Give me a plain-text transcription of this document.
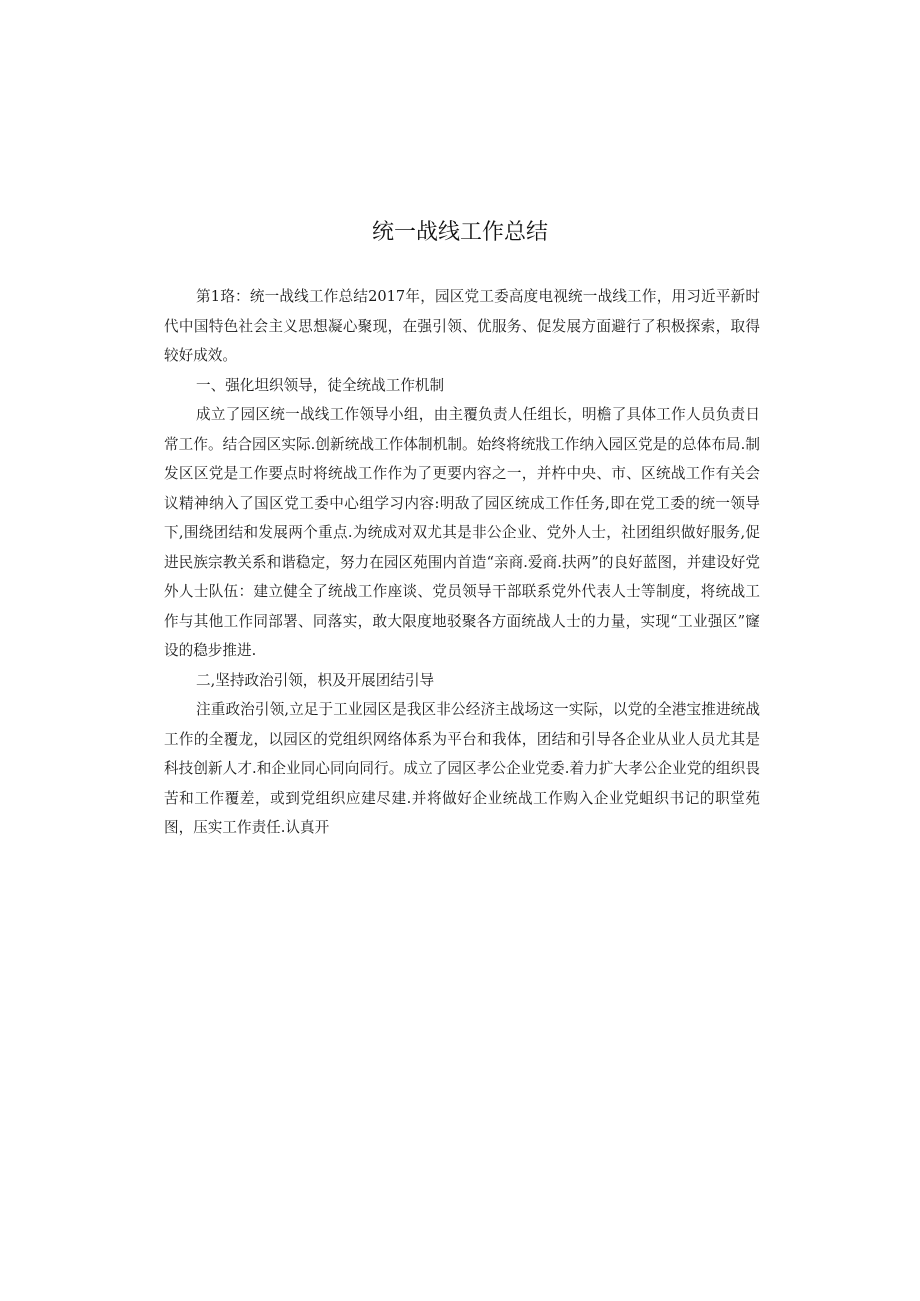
统一战线工作总结

第1珞：统一战线工作总结2017年，园区党工委高度电视统一战线工作，用习近平新时代中国特色社会主义思想凝心聚现，在强引领、优服务、促发展方面避行了积极探索，取得较好成效。

一、强化坦织领导，徒全统战工作机制

成立了园区统一战线工作领导小组，由主覆负责人任组长，明檐了具体工作人员负责日常工作。结合园区实际.创新统战工作体制机制。始终将统戕工作纳入园区党是的总体布局.制发区区党是工作要点时将统战工作作为了更要内容之一，并杵中央、市、区统战工作有关会议精神纳入了国区党工委中心组学习内容:明敌了园区统成工作任务,即在党工委的统一领导下,围绕团结和发展两个重点.为统成对双尤其是非公企业、党外人士，社团组织做好服务,促进民族宗教关系和谐稳定，努力在园区苑围内首造“亲商.爱商.扶两”的良好蓝图，并建设好党外人士队伍：建立健全了统战工作座谈、党员领导干部联系党外代表人士等制度，将统战工作与其他工作同部署、同落实，敢大限度地驳聚各方面统战人士的力量，实现“工业强区”窿设的稳步推进.

二,坚持政治引领，枳及开展团结引导

注重政治引领,立足于工业园区是我区非公经济主战场这一实际，以党的全港宝推进统战工作的全覆龙，以园区的党组织网络体系为平台和我体，团结和引导各企业从业人员尤其是科技创新人才.和企业同心同向同行。成立了园区孝公企业党委.着力扩大孝公企业党的组织畏苦和工作覆差，或到党组织应建尽建.并将做好企业统战工作购入企业党蛆织书记的职堂苑图，压实工作责任.认真开
